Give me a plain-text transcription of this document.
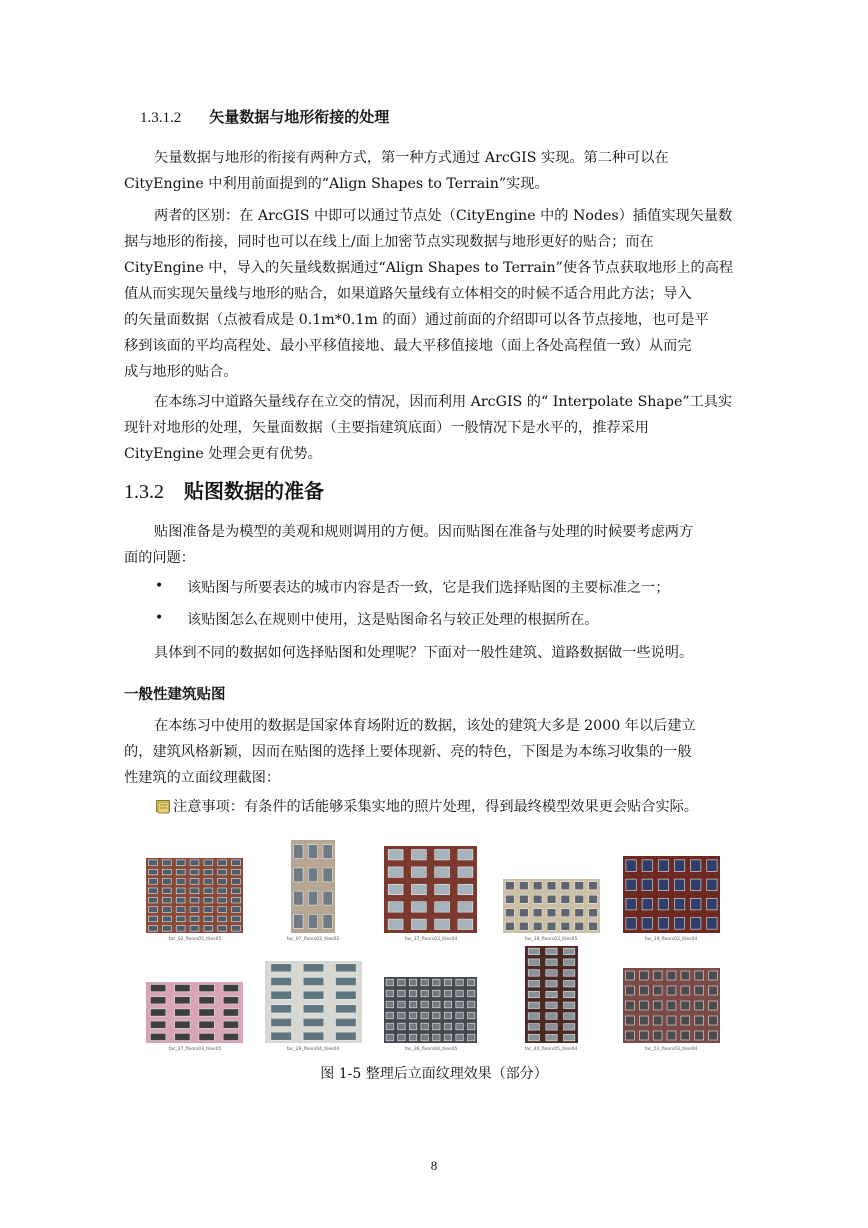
1.3.1.2 矢量数据与地形衔接的处理
矢量数据与地形的衔接有两种方式，第一种方式通过 ArcGIS 实现。第二种可以在
CityEngine 中利用前面提到的“Align Shapes to Terrain”实现。
两者的区别：在 ArcGIS 中即可以通过节点处（CityEngine 中的 Nodes）插值实现矢量数
据与地形的衔接，同时也可以在线上/面上加密节点实现数据与地形更好的贴合；而在
CityEngine 中，导入的矢量线数据通过“Align Shapes to Terrain”使各节点获取地形上的高程
值从而实现矢量线与地形的贴合，如果道路矢量线有立体相交的时候不适合用此方法；导入
的矢量面数据（点被看成是 0.1m*0.1m 的面）通过前面的介绍即可以各节点接地，也可是平
移到该面的平均高程处、最小平移值接地、最大平移值接地（面上各处高程值一致）从而完
成与地形的贴合。
在本练习中道路矢量线存在立交的情况，因而利用 ArcGIS 的“ Interpolate Shape”工具实
现针对地形的处理，矢量面数据（主要指建筑底面）一般情况下是水平的，推荐采用
CityEngine 处理会更有优势。
1.3.2 贴图数据的准备
贴图准备是为模型的美观和规则调用的方便。因而贴图在准备与处理的时候要考虑两方
面的问题：
• 该贴图与所要表达的城市内容是否一致，它是我们选择贴图的主要标准之一；
• 该贴图怎么在规则中使用，这是贴图命名与较正处理的根据所在。
具体到不同的数据如何选择贴图和处理呢？下面对一般性建筑、道路数据做一些说明。
一般性建筑贴图
在本练习中使用的数据是国家体育场附近的数据，该处的建筑大多是 2000 年以后建立
的，建筑风格新颖，因而在贴图的选择上要体现新、亮的特色，下图是为本练习收集的一般
性建筑的立面纹理截图：
注意事项：有条件的话能够采集实地的照片处理，得到最终模型效果更会贴合实际。
fac_02_floors05_tiles05	fac_07_floors03_tiles02	fac_17_floors03_tiles04	fac_18_floors03_tiles05	fac_19_floors02_tiles04
fac_27_floors03_tiles05	fac_29_floors04_tiles04	fac_36_floors04_tiles05	fac_40_floors05_tiles04	fac_51_floors03_tiles04
图 1-5 整理后立面纹理效果（部分）
8
